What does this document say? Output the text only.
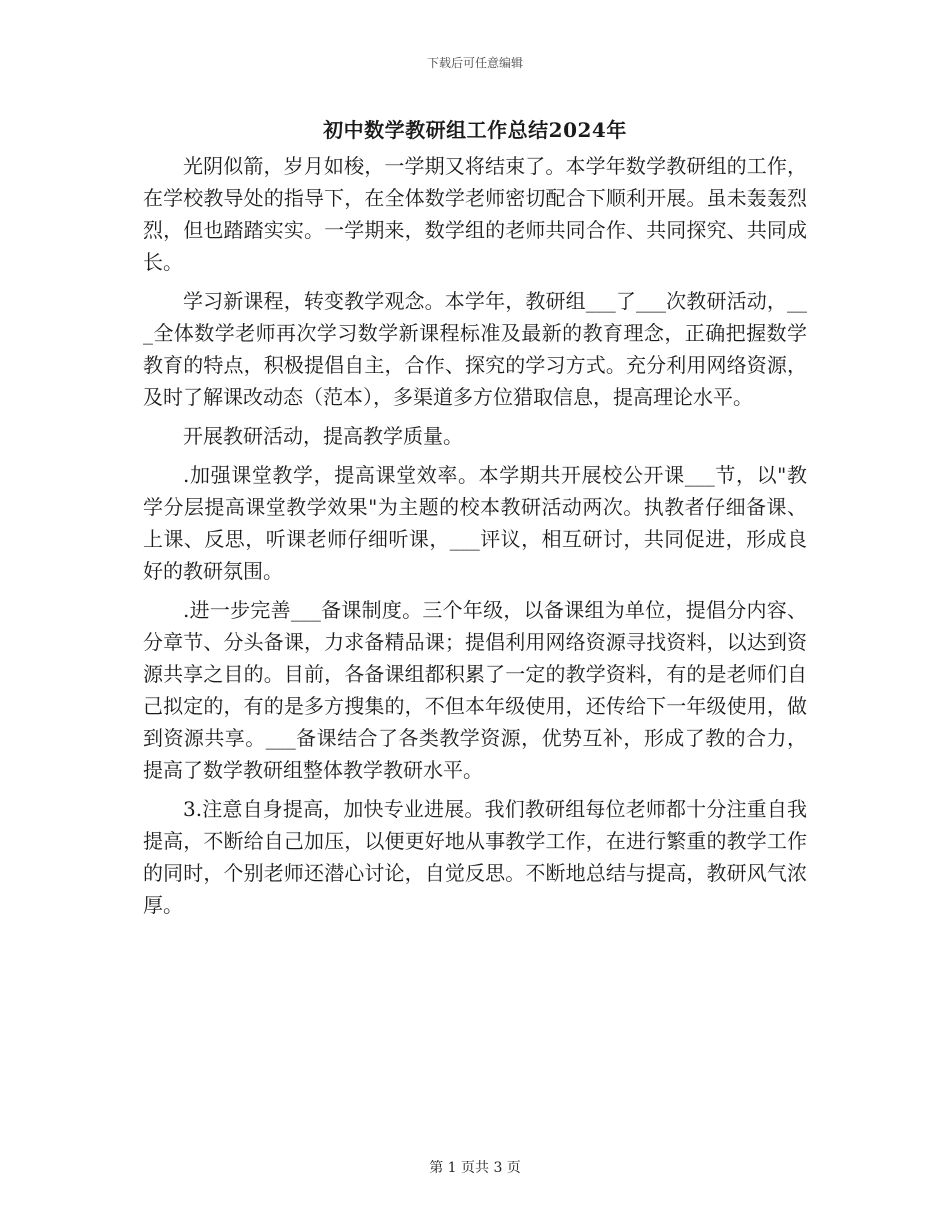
下载后可任意编辑
初中数学教研组工作总结2024年

光阴似箭，岁月如梭，一学期又将结束了。本学年数学教研组的工作，在学校教导处的指导下，在全体数学老师密切配合下顺利开展。虽未轰轰烈烈，但也踏踏实实。一学期来，数学组的老师共同合作、共同探究、共同成长。

学习新课程，转变教学观念。本学年，教研组___了___次教研活动，___全体数学老师再次学习数学新课程标准及最新的教育理念，正确把握数学教育的特点，积极提倡自主，合作、探究的学习方式。充分利用网络资源，及时了解课改动态（范本），多渠道多方位猎取信息，提高理论水平。

开展教研活动，提高教学质量。

.加强课堂教学，提高课堂效率。本学期共开展校公开课___节，以"教学分层提高课堂教学效果"为主题的校本教研活动两次。执教者仔细备课、上课、反思，听课老师仔细听课，___评议，相互研讨，共同促进，形成良好的教研氛围。

.进一步完善___备课制度。三个年级，以备课组为单位，提倡分内容、分章节、分头备课，力求备精品课；提倡利用网络资源寻找资料，以达到资源共享之目的。目前，各备课组都积累了一定的教学资料，有的是老师们自己拟定的，有的是多方搜集的，不但本年级使用，还传给下一年级使用，做到资源共享。___备课结合了各类教学资源，优势互补，形成了教的合力，提高了数学教研组整体教学教研水平。

3.注意自身提高，加快专业进展。我们教研组每位老师都十分注重自我提高，不断给自己加压，以便更好地从事教学工作，在进行繁重的教学工作的同时，个别老师还潜心讨论，自觉反思。不断地总结与提高，教研风气浓厚。

第 1 页共 3 页
